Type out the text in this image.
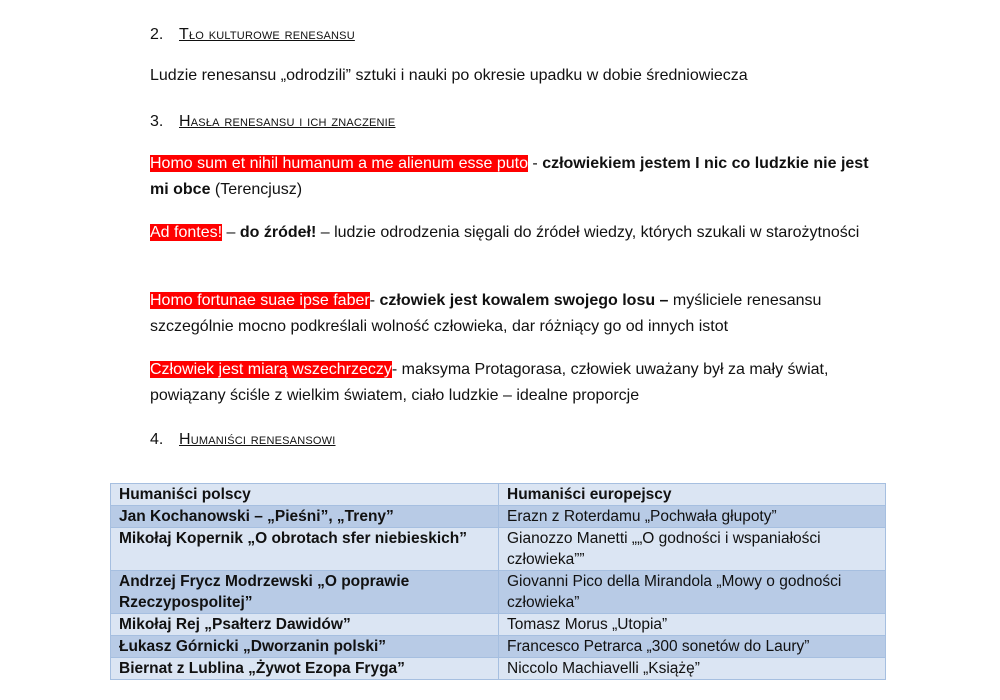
2. Tło kulturowe renesansu
Ludzie renesansu „odrodzili” sztuki i nauki po okresie upadku w dobie średniowiecza
3. Hasła renesansu i ich znaczenie
Homo sum et nihil humanum a me alienum esse puto - człowiekiem jestem I nic co ludzkie nie jest mi obce (Terencjusz)
Ad fontes! – do źródeł! – ludzie odrodzenia sięgali do źródeł wiedzy, których szukali w starożytności
Homo fortunae suae ipse faber- człowiek jest kowalem swojego losu – myśliciele renesansu szczególnie mocno podkreślali wolność człowieka, dar różniący go od innych istot
Człowiek jest miarą wszechrzeczy- maksyma Protagorasa, człowiek uważany był za mały świat, powiązany ściśle z wielkim światem, ciało ludzkie – idealne proporcje
4. Humaniści renesansowi
Humaniści polscy	Humaniści europejscy
Jan Kochanowski – „Pieśni”, „Treny”	Erazn z Roterdamu „Pochwała głupoty”
Mikołaj Kopernik „O obrotach sfer niebieskich”	Gianozzo Manetti „„O godności i wspaniałości człowieka””
Andrzej Frycz Modrzewski „O poprawie Rzeczypospolitej”	Giovanni Pico della Mirandola „Mowy o godności człowieka”
Mikołaj Rej „Psałterz Dawidów”	Tomasz Morus „Utopia”
Łukasz Górnicki „Dworzanin polski”	Francesco Petrarca „300 sonetów do Laury”
Biernat z Lublina „Żywot Ezopa Fryga”	Niccolo Machiavelli „Książę”
